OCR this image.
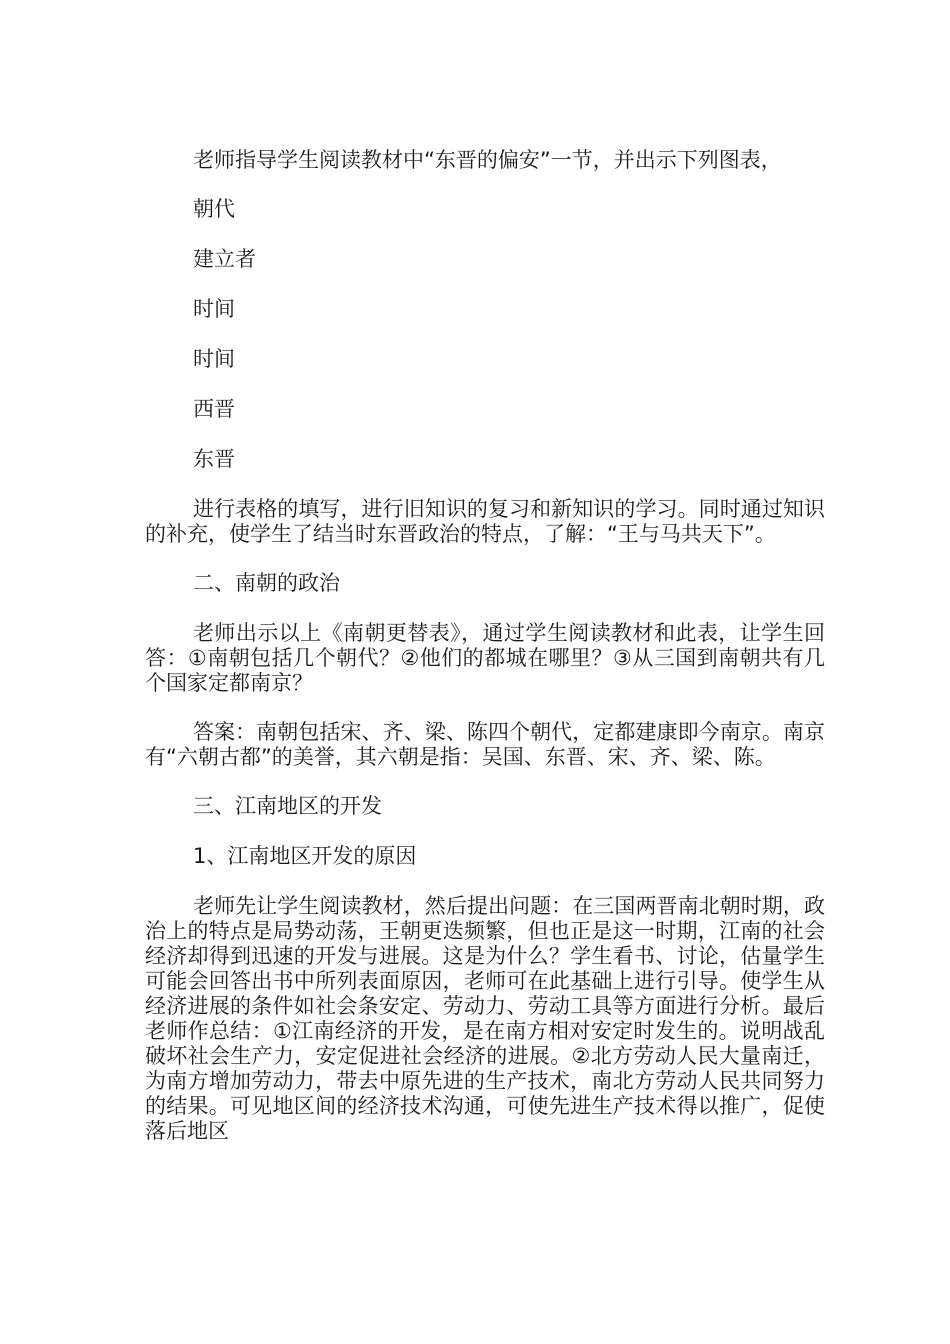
老师指导学生阅读教材中“东晋的偏安”一节，并出示下列图表，

朝代
建立者
时间
时间
西晋
东晋

进行表格的填写，进行旧知识的复习和新知识的学习。同时通过知识的补充，使学生了结当时东晋政治的特点，了解：“王与马共天下”。

二、南朝的政治

老师出示以上《南朝更替表》，通过学生阅读教材和此表，让学生回答：①南朝包括几个朝代？②他们的都城在哪里？③从三国到南朝共有几个国家定都南京？

答案：南朝包括宋、齐、梁、陈四个朝代，定都建康即今南京。南京有“六朝古都”的美誉，其六朝是指：吴国、东晋、宋、齐、梁、陈。

三、江南地区的开发
1、江南地区开发的原因

老师先让学生阅读教材，然后提出问题：在三国两晋南北朝时期，政治上的特点是局势动荡，王朝更迭频繁，但也正是这一时期，江南的社会经济却得到迅速的开发与进展。这是为什么？学生看书、讨论，估量学生可能会回答出书中所列表面原因，老师可在此基础上进行引导。使学生从经济进展的条件如社会条安定、劳动力、劳动工具等方面进行分析。最后老师作总结：①江南经济的开发，是在南方相对安定时发生的。说明战乱破坏社会生产力，安定促进社会经济的进展。②北方劳动人民大量南迁，为南方增加劳动力，带去中原先进的生产技术，南北方劳动人民共同努力的结果。可见地区间的经济技术沟通，可使先进生产技术得以推广，促使落后地区
